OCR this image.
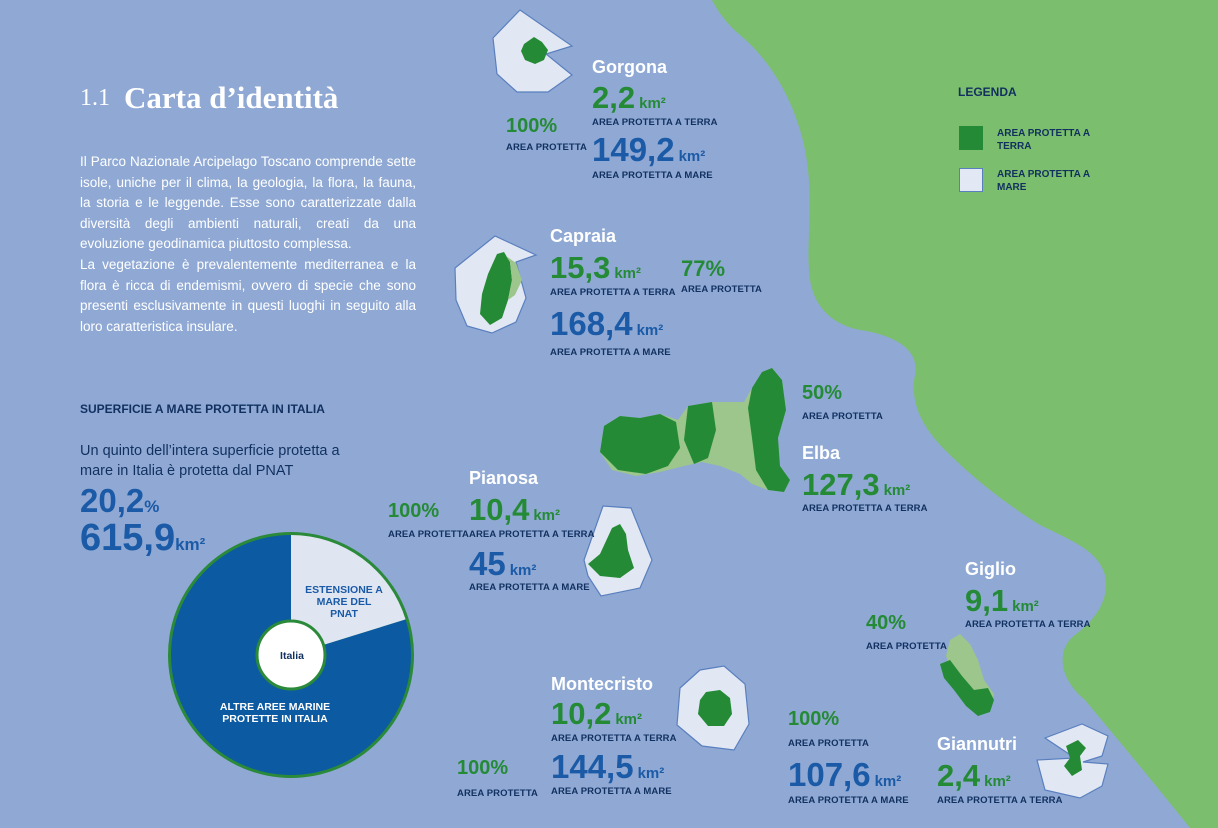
1.1 Carta d’identità

Il Parco Nazionale Arcipelago Toscano comprende sette isole, uniche per il clima, la geologia, la flora, la fauna, la storia e le leggende. Esse sono caratterizzate dalla diversità degli ambienti naturali, creati da una evoluzione geodinamica piuttosto complessa.

La vegetazione è prevalentemente mediterranea e la flora è ricca di endemismi, ovvero di specie che sono presenti esclusivamente in questi luoghi in seguito alla loro caratteristica insulare.

SUPERFICIE A MARE PROTETTA IN ITALIA
Un quinto dell’intera superficie protetta a mare in Italia è protetta dal PNAT
20,2%
615,9km²
Italia
ESTENSIONE A MARE DEL PNAT
ALTRE AREE MARINE PROTETTE IN ITALIA
LEGENDA
AREA PROTETTA A TERRA
AREA PROTETTA A MARE
Gorgona
2,2 km²
AREA PROTETTA A TERRA
149,2 km²
AREA PROTETTA A MARE
100%
AREA PROTETTA
Capraia
15,3 km²
AREA PROTETTA A TERRA
77%
AREA PROTETTA
168,4 km²
AREA PROTETTA A MARE
50%
AREA PROTETTA
Elba
127,3 km²
AREA PROTETTA A TERRA
Pianosa
10,4 km²
AREA PROTETTA A TERRA
45 km²
AREA PROTETTA A MARE
100%
AREA PROTETTA
Montecristo
10,2 km²
AREA PROTETTA A TERRA
144,5 km²
AREA PROTETTA A MARE
100%
AREA PROTETTA
Giglio
9,1 km²
AREA PROTETTA A TERRA
40%
AREA PROTETTA
100%
AREA PROTETTA
107,6 km²
AREA PROTETTA A MARE
Giannutri
2,4 km²
AREA PROTETTA A TERRA
